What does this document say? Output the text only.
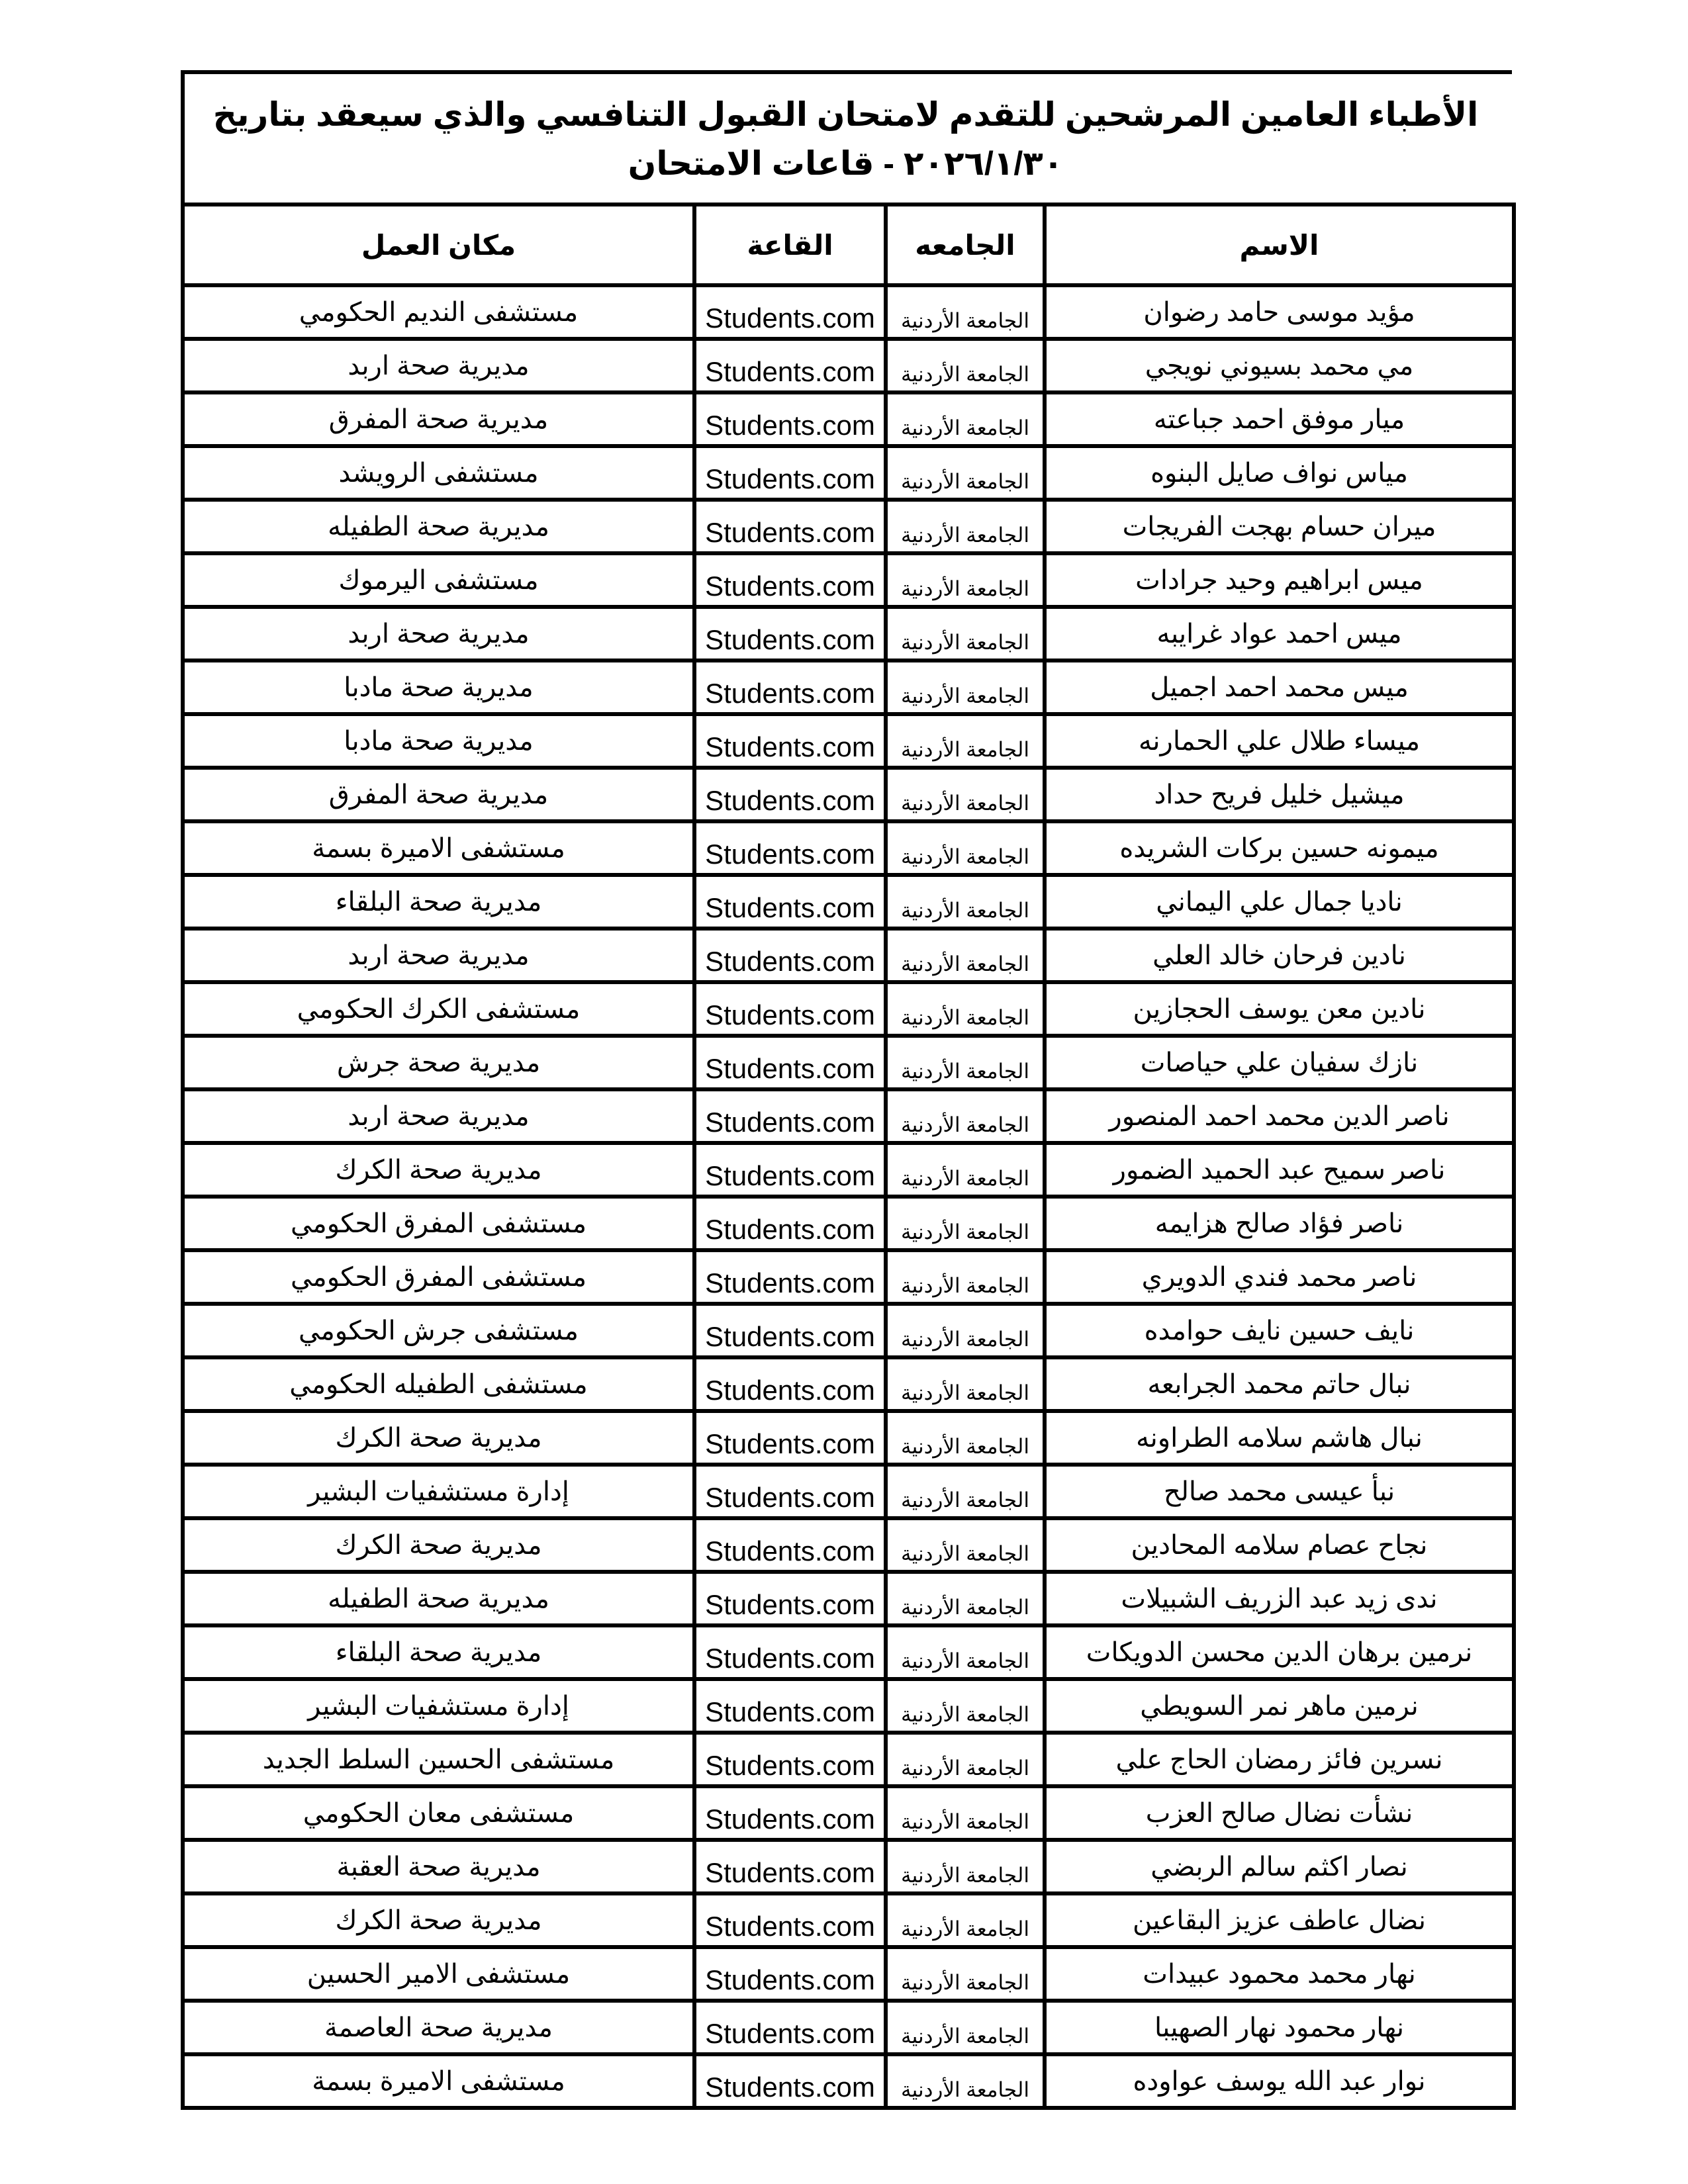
الأطباء العامين المرشحين للتقدم لامتحان القبول التنافسي والذي سيعقد بتاريخ ٢٠٢٦/١/٣٠ - قاعات الامتحان
الاسم	الجامعه	القاعة	مكان العمل
مؤيد موسى حامد رضوان	الجامعة الأردنية	Students.com	مستشفى النديم الحكومي
مي محمد بسيوني نويجي	الجامعة الأردنية	Students.com	مديرية صحة اربد
ميار موفق احمد جباعته	الجامعة الأردنية	Students.com	مديرية صحة المفرق
مياس نواف صايل البنوه	الجامعة الأردنية	Students.com	مستشفى الرويشد
ميران حسام بهجت الفريجات	الجامعة الأردنية	Students.com	مديرية صحة الطفيله
ميس ابراهيم وحيد جرادات	الجامعة الأردنية	Students.com	مستشفى اليرموك
ميس احمد عواد غرايبه	الجامعة الأردنية	Students.com	مديرية صحة اربد
ميس محمد احمد اجميل	الجامعة الأردنية	Students.com	مديرية صحة مادبا
ميساء طلال علي الحمارنه	الجامعة الأردنية	Students.com	مديرية صحة مادبا
ميشيل خليل فريح حداد	الجامعة الأردنية	Students.com	مديرية صحة المفرق
ميمونه حسين بركات الشريده	الجامعة الأردنية	Students.com	مستشفى الاميرة بسمة
ناديا جمال علي اليماني	الجامعة الأردنية	Students.com	مديرية صحة البلقاء
نادين فرحان خالد العلي	الجامعة الأردنية	Students.com	مديرية صحة اربد
نادين معن يوسف الحجازين	الجامعة الأردنية	Students.com	مستشفى الكرك الحكومي
نازك سفيان علي حياصات	الجامعة الأردنية	Students.com	مديرية صحة جرش
ناصر الدين محمد احمد المنصور	الجامعة الأردنية	Students.com	مديرية صحة اربد
ناصر سميح عبد الحميد الضمور	الجامعة الأردنية	Students.com	مديرية صحة الكرك
ناصر فؤاد صالح هزايمه	الجامعة الأردنية	Students.com	مستشفى المفرق الحكومي
ناصر محمد فندي الدويري	الجامعة الأردنية	Students.com	مستشفى المفرق الحكومي
نايف حسين نايف حوامده	الجامعة الأردنية	Students.com	مستشفى جرش الحكومي
نبال حاتم محمد الجرابعه	الجامعة الأردنية	Students.com	مستشفى الطفيله الحكومي
نبال هاشم سلامه الطراونه	الجامعة الأردنية	Students.com	مديرية صحة الكرك
نبأ عيسى محمد صالح	الجامعة الأردنية	Students.com	إدارة مستشفيات البشير
نجاح عصام سلامه المحادين	الجامعة الأردنية	Students.com	مديرية صحة الكرك
ندى زيد عبد الزريف الشبيلات	الجامعة الأردنية	Students.com	مديرية صحة الطفيله
نرمين برهان الدين محسن الدويكات	الجامعة الأردنية	Students.com	مديرية صحة البلقاء
نرمين ماهر نمر السويطي	الجامعة الأردنية	Students.com	إدارة مستشفيات البشير
نسرين فائز رمضان الحاج علي	الجامعة الأردنية	Students.com	مستشفى الحسين السلط الجديد
نشأت نضال صالح العزب	الجامعة الأردنية	Students.com	مستشفى معان الحكومي
نصار اكثم سالم الربضي	الجامعة الأردنية	Students.com	مديرية صحة العقبة
نضال عاطف عزيز البقاعين	الجامعة الأردنية	Students.com	مديرية صحة الكرك
نهار محمد محمود عبيدات	الجامعة الأردنية	Students.com	مستشفى الامير الحسين
نهار محمود نهار الصهيبا	الجامعة الأردنية	Students.com	مديرية صحة العاصمة
نوار عبد الله يوسف عواوده	الجامعة الأردنية	Students.com	مستشفى الاميرة بسمة
